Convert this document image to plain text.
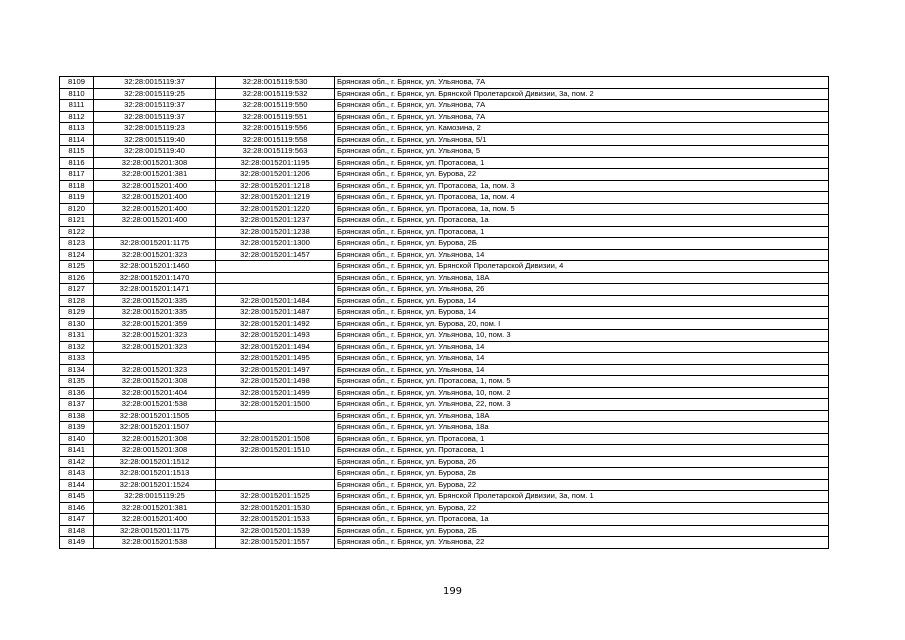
8109	32:28:0015119:37	32:28:0015119:530	Брянская обл., г. Брянск, ул. Ульянова, 7А
8110	32:28:0015119:25	32:28:0015119:532	Брянская обл., г. Брянск, ул. Брянской Пролетарской Дивизии, 3а, пом. 2
8111	32:28:0015119:37	32:28:0015119:550	Брянская обл., г. Брянск, ул. Ульянова, 7А
8112	32:28:0015119:37	32:28:0015119:551	Брянская обл., г. Брянск, ул. Ульянова, 7А
8113	32:28:0015119:23	32:28:0015119:556	Брянская обл., г. Брянск, ул. Камозина, 2
8114	32:28:0015119:40	32:28:0015119:558	Брянская обл., г. Брянск, ул. Ульянова, 5/1
8115	32:28:0015119:40	32:28:0015119:563	Брянская обл., г. Брянск, ул. Ульянова, 5
8116	32:28:0015201:308	32:28:0015201:1195	Брянская обл., г. Брянск, ул. Протасова, 1
8117	32:28:0015201:381	32:28:0015201:1206	Брянская обл., г. Брянск, ул. Бурова, 22
8118	32:28:0015201:400	32:28:0015201:1218	Брянская обл., г. Брянск, ул. Протасова, 1а, пом. 3
8119	32:28:0015201:400	32:28:0015201:1219	Брянская обл., г. Брянск, ул. Протасова, 1а, пом. 4
8120	32:28:0015201:400	32:28:0015201:1220	Брянская обл., г. Брянск, ул. Протасова, 1а, пом. 5
8121	32:28:0015201:400	32:28:0015201:1237	Брянская обл., г. Брянск, ул. Протасова, 1а
8122		32:28:0015201:1238	Брянская обл., г. Брянск, ул. Протасова, 1
8123	32:28:0015201:1175	32:28:0015201:1300	Брянская обл., г. Брянск, ул. Бурова, 2Б
8124	32:28:0015201:323	32:28:0015201:1457	Брянская обл., г. Брянск, ул. Ульянова, 14
8125	32:28:0015201:1460		Брянская обл., г. Брянск, ул. Брянской Пролетарской Дивизии, 4
8126	32:28:0015201:1470		Брянская обл., г. Брянск, ул. Ульянова, 18А
8127	32:28:0015201:1471		Брянская обл., г. Брянск, ул. Ульянова, 26
8128	32:28:0015201:335	32:28:0015201:1484	Брянская обл., г. Брянск, ул. Бурова, 14
8129	32:28:0015201:335	32:28:0015201:1487	Брянская обл., г. Брянск, ул. Бурова, 14
8130	32:28:0015201:359	32:28:0015201:1492	Брянская обл., г. Брянск, ул. Бурова, 20, пом. I
8131	32:28:0015201:323	32:28:0015201:1493	Брянская обл., г. Брянск, ул. Ульянова, 10, пом. 3
8132	32:28:0015201:323	32:28:0015201:1494	Брянская обл., г. Брянск, ул. Ульянова, 14
8133		32:28:0015201:1495	Брянская обл., г. Брянск, ул. Ульянова, 14
8134	32:28:0015201:323	32:28:0015201:1497	Брянская обл., г. Брянск, ул. Ульянова, 14
8135	32:28:0015201:308	32:28:0015201:1498	Брянская обл., г. Брянск, ул. Протасова, 1, пом. 5
8136	32:28:0015201:404	32:28:0015201:1499	Брянская обл., г. Брянск, ул. Ульянова, 10, пом. 2
8137	32:28:0015201:538	32:28:0015201:1500	Брянская обл., г. Брянск, ул. Ульянова, 22, пом. 3
8138	32:28:0015201:1505		Брянская обл., г. Брянск, ул. Ульянова, 18А
8139	32:28:0015201:1507		Брянская обл., г. Брянск, ул. Ульянова, 18а
8140	32:28:0015201:308	32:28:0015201:1508	Брянская обл., г. Брянск, ул. Протасова, 1
8141	32:28:0015201:308	32:28:0015201:1510	Брянская обл., г. Брянск, ул. Протасова, 1
8142	32:28:0015201:1512		Брянская обл., г. Брянск, ул. Бурова, 26
8143	32:28:0015201:1513		Брянская обл., г. Брянск, ул. Бурова, 2в
8144	32:28:0015201:1524		Брянская обл., г. Брянск, ул. Бурова, 22
8145	32:28:0015119:25	32:28:0015201:1525	Брянская обл., г. Брянск, ул. Брянской Пролетарской Дивизии, 3а, пом. 1
8146	32:28:0015201:381	32:28:0015201:1530	Брянская обл., г. Брянск, ул. Бурова, 22
8147	32:28:0015201:400	32:28:0015201:1533	Брянская обл., г. Брянск, ул. Протасова, 1а
8148	32:28:0015201:1175	32:28:0015201:1539	Брянская обл., г. Брянск, ул. Бурова, 2Б
8149	32:28:0015201:538	32:28:0015201:1557	Брянская обл., г. Брянск, ул. Ульянова, 22
199
